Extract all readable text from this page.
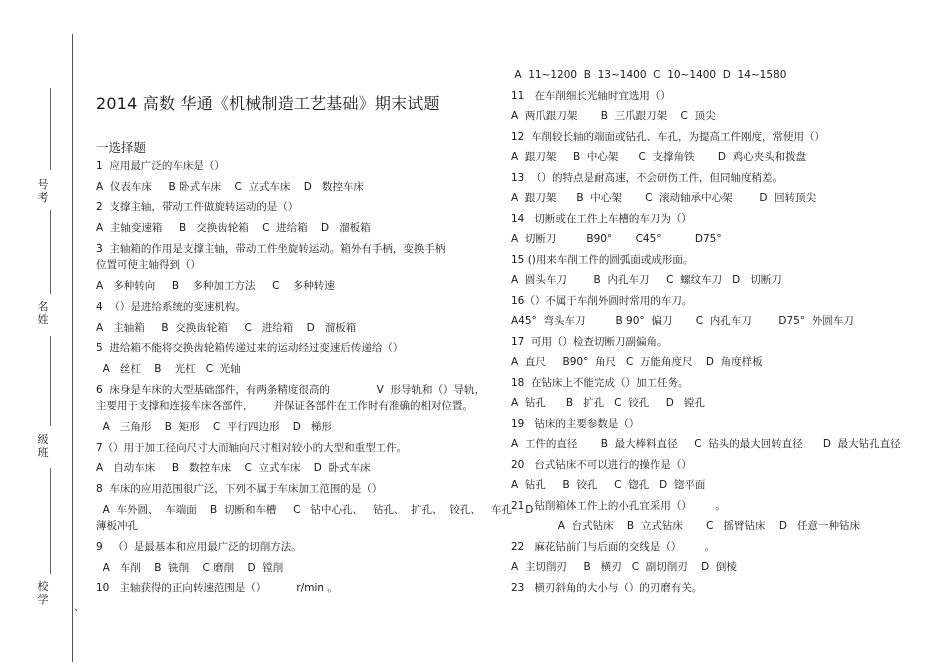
号
考
名
姓
级
班
校
学
、
2014 高数 华通《机械制造工艺基础》期末试题
一选择题

1  应用最广泛的车床是（）

A  仪表车床     B 卧式车床    C  立式车床    D   数控车床

2  支撑主轴，带动工件做旋转运动的是（）

A  主轴变速箱     B   交换齿轮箱    C  进给箱    D   溜板箱

3  主轴箱的作用是支撑主轴，带动工件坐旋转运动。箱外有手柄，变换手柄

位置可使主轴得到（）

A   多种转向     B    多种加工方法     C    多种转速

4  （）是进给系统的变速机构。

A   主轴箱     B  交换齿轮箱     C   进给箱    D   溜板箱

5  进给箱不能将交换齿轮箱传递过来的运动经过变速后传递给（）

A   丝杠    B    光杠   C  光轴

6  床身是车床的大型基础部件，有两条精度很高的              V  形导轨和（）导轨，

主要用于支撑和连接车床各部件，      并保证各部件在工作时有准确的相对位置。

A   三角形    B  矩形    C  平行四边形    D   梯形

7（）用于加工径向尺寸大而轴向尺寸相对较小的大型和重型工件。

A   自动车床     B   数控车床    C  立式车床    D  卧式车床

8  车床的应用范围很广泛，下列不属于车床加工范围的是（）

A  车外圆、  车端面    B  切断和车槽     C   钻中心孔、   钻孔、  扩孔、  铰孔、   车孔    D

薄板冲孔

9   （）是最基本和应用最广泛的切削方法。

A   车削    B  铣削    C 磨削    D  镗削

10   主轴获得的正向转速范围是（）         r/min 。

A  11~1200  B  13~1400  C  10~1400  D  14~1580

11   在车削细长光轴时宜选用（）

A  两爪跟刀架       B  三爪跟刀架    C  顶尖

12  车削较长轴的端面或钻孔、车孔，为提高工件刚度，常使用（）

A  跟刀架     B  中心架      C  支撑角铁       D  鸡心夹头和拨盘

13  （）的特点是耐高速，不会研伤工件，但同轴度稍差。

A  跟刀架      B  中心架       C  滚动轴承中心架        D  回转顶尖

14   切断或在工件上车槽的车刀为（）

A  切断刀         B90°       C45°          D75°

15 ()用来车削工件的圆弧面或成形面。

A  圆头车刀        B  内孔车刀     C  螺纹车刀   D   切断刀

16（）不属于车削外圆时常用的车刀。

A45°  弯头车刀         B 90°  偏刀       C  内孔车刀        D75°  外圆车刀

17  可用（）检查切断刀副偏角。

A  直尺     B90°  角尺   C  万能角度尺    D  角度样板

18  在钻床上不能完成（）加工任务。

A  钻孔      B   扩孔   C  铰孔     D   镗孔

19   钻床的主要参数是（）

A  工件的直径       B  最大棒料直径     C  钻头的最大回转直径      D  最大钻孔直径

20   台式钻床不可以进行的操作是（）

A  钻孔     B  铰孔     C  锪孔   D  锪平面

21   钻削箱体工件上的小孔宜采用（）       。

A  台式钻床    B  立式钻床       C   摇臂钻床    D   任意一种钻床

22   麻花钻前门与后面的交线是（）       。

A  主切削刃     B   横刃   C  副切削刃    D  倒棱

23   横刃斜角的大小与（）的刃磨有关。
